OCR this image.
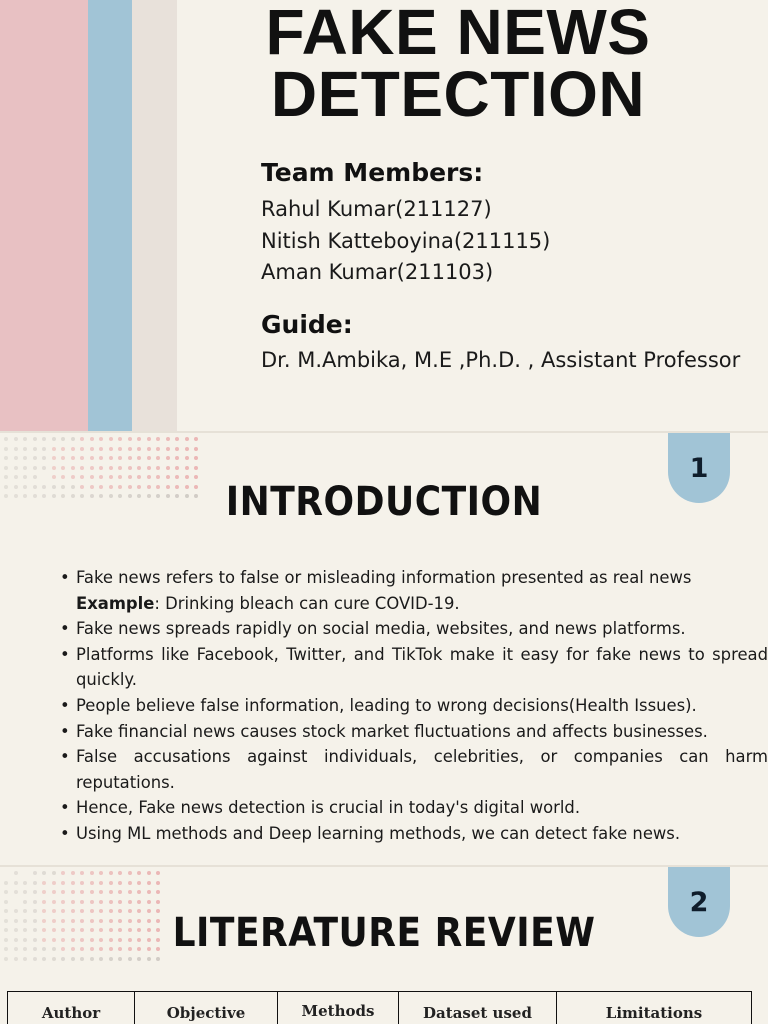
FAKE NEWS
DETECTION
Team Members:
Rahul Kumar(211127)
Nitish Katteboyina(211115)
Aman Kumar(211103)
Guide:
Dr. M.Ambika, M.E ,Ph.D. , Assistant Professor
1
INTRODUCTION
• Fake news refers to false or misleading information presented as real news
Example: Drinking bleach can cure COVID-19.
• Fake news spreads rapidly on social media, websites, and news platforms.
• Platforms like Facebook, Twitter, and TikTok make it easy for fake news to spread quickly.
• People believe false information, leading to wrong decisions(Health Issues).
• Fake financial news causes stock market fluctuations and affects businesses.
• False accusations against individuals, celebrities, or companies can harm reputations.
• Hence, Fake news detection is crucial in today's digital world.
• Using ML methods and Deep learning methods, we can detect fake news.
2
LITERATURE REVIEW
Author	Objective	Methods	Dataset used	Limitations
